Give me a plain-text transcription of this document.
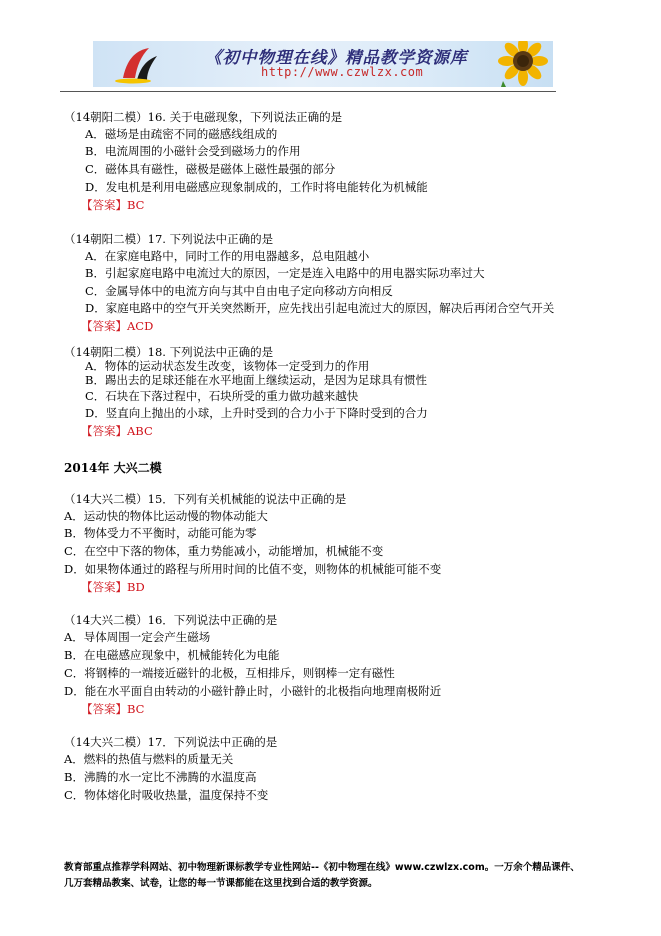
《初中物理在线》精品教学资源库
http://www.czwlzx.com
（14朝阳二模）16. 关于电磁现象，下列说法正确的是
A．磁场是由疏密不同的磁感线组成的
B．电流周围的小磁针会受到磁场力的作用
C．磁体具有磁性，磁极是磁体上磁性最强的部分
D．发电机是利用电磁感应现象制成的，工作时将电能转化为机械能
【答案】BC
（14朝阳二模）17. 下列说法中正确的是
A．在家庭电路中，同时工作的用电器越多，总电阻越小
B．引起家庭电路中电流过大的原因，一定是连入电路中的用电器实际功率过大
C．金属导体中的电流方向与其中自由电子定向移动方向相反
D．家庭电路中的空气开关突然断开，应先找出引起电流过大的原因，解决后再闭合空气开关
【答案】ACD
（14朝阳二模）18. 下列说法中正确的是
A．物体的运动状态发生改变，该物体一定受到力的作用
B．踢出去的足球还能在水平地面上继续运动，是因为足球具有惯性
C．石块在下落过程中，石块所受的重力做功越来越快
D．竖直向上抛出的小球，上升时受到的合力小于下降时受到的合力
【答案】ABC
2014年 大兴二模
（14大兴二模）15．下列有关机械能的说法中正确的是
A．运动快的物体比运动慢的物体动能大
B．物体受力不平衡时，动能可能为零
C．在空中下落的物体，重力势能减小，动能增加，机械能不变
D．如果物体通过的路程与所用时间的比值不变，则物体的机械能可能不变
【答案】BD
（14大兴二模）16．下列说法中正确的是
A．导体周围一定会产生磁场
B．在电磁感应现象中，机械能转化为电能
C．将钢棒的一端接近磁针的北极，互相排斥，则钢棒一定有磁性
D．能在水平面自由转动的小磁针静止时，小磁针的北极指向地理南极附近
【答案】BC
（14大兴二模）17．下列说法中正确的是
A．燃料的热值与燃料的质量无关
B．沸腾的水一定比不沸腾的水温度高
C．物体熔化时吸收热量，温度保持不变
教育部重点推荐学科网站、初中物理新课标教学专业性网站--《初中物理在线》www.czwlzx.com。一万余个精品课件、
几万套精品教案、试卷，让您的每一节课都能在这里找到合适的教学资源。
